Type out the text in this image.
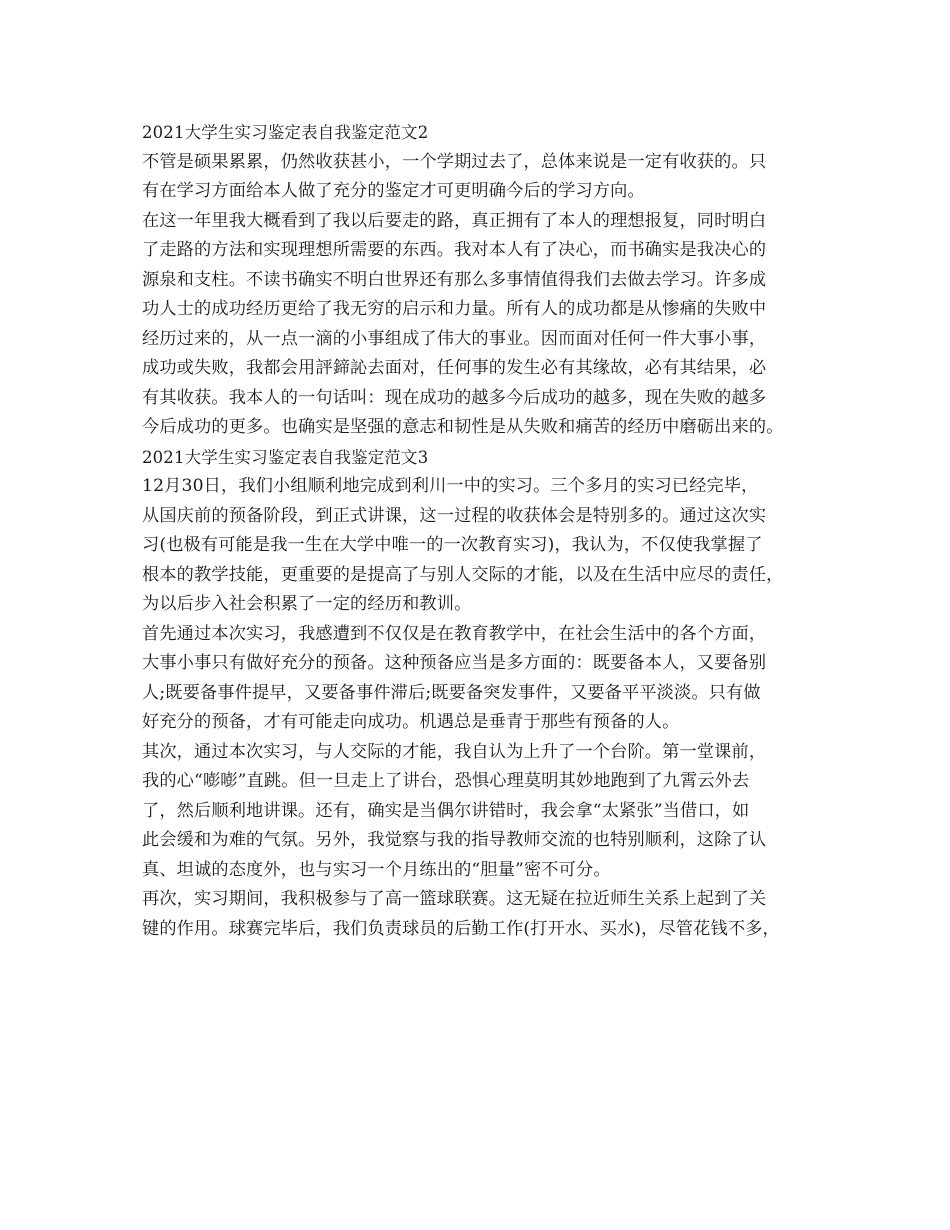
2021大学生实习鉴定表自我鉴定范文2
不管是硕果累累，仍然收获甚小，一个学期过去了，总体来说是一定有收获的。只
有在学习方面给本人做了充分的鉴定才可更明确今后的学习方向。
在这一年里我大概看到了我以后要走的路，真正拥有了本人的理想报复，同时明白
了走路的方法和实现理想所需要的东西。我对本人有了决心，而书确实是我决心的
源泉和支柱。不读书确实不明白世界还有那么多事情值得我们去做去学习。许多成
功人士的成功经历更给了我无穷的启示和力量。所有人的成功都是从惨痛的失败中
经历过来的，从一点一滴的小事组成了伟大的事业。因而面对任何一件大事小事，
成功或失败，我都会用評鍗訫去面对，任何事的发生必有其缘故，必有其结果，必
有其收获。我本人的一句话叫：现在成功的越多今后成功的越多，现在失败的越多
今后成功的更多。也确实是坚强的意志和韧性是从失败和痛苦的经历中磨砺出来的。
2021大学生实习鉴定表自我鉴定范文3
12月30日，我们小组顺利地完成到利川一中的实习。三个多月的实习已经完毕，
从国庆前的预备阶段，到正式讲课，这一过程的收获体会是特别多的。通过这次实
习(也极有可能是我一生在大学中唯一的一次教育实习)，我认为，不仅使我掌握了
根本的教学技能，更重要的是提高了与别人交际的才能，以及在生活中应尽的责任，
为以后步入社会积累了一定的经历和教训。
首先通过本次实习，我感遭到不仅仅是在教育教学中，在社会生活中的各个方面，
大事小事只有做好充分的预备。这种预备应当是多方面的：既要备本人，又要备别
人;既要备事件提早，又要备事件滞后;既要备突发事件，又要备平平淡淡。只有做
好充分的预备，才有可能走向成功。机遇总是垂青于那些有预备的人。
其次，通过本次实习，与人交际的才能，我自认为上升了一个台阶。第一堂课前，
我的心“嘭嘭”直跳。但一旦走上了讲台，恐惧心理莫明其妙地跑到了九霄云外去
了，然后顺利地讲课。还有，确实是当偶尔讲错时，我会拿“太紧张”当借口，如
此会缓和为难的气氛。另外，我觉察与我的指导教师交流的也特别顺利，这除了认
真、坦诚的态度外，也与实习一个月练出的“胆量”密不可分。
再次，实习期间，我积极参与了高一篮球联赛。这无疑在拉近师生关系上起到了关
键的作用。球赛完毕后，我们负责球员的后勤工作(打开水、买水)，尽管花钱不多，
